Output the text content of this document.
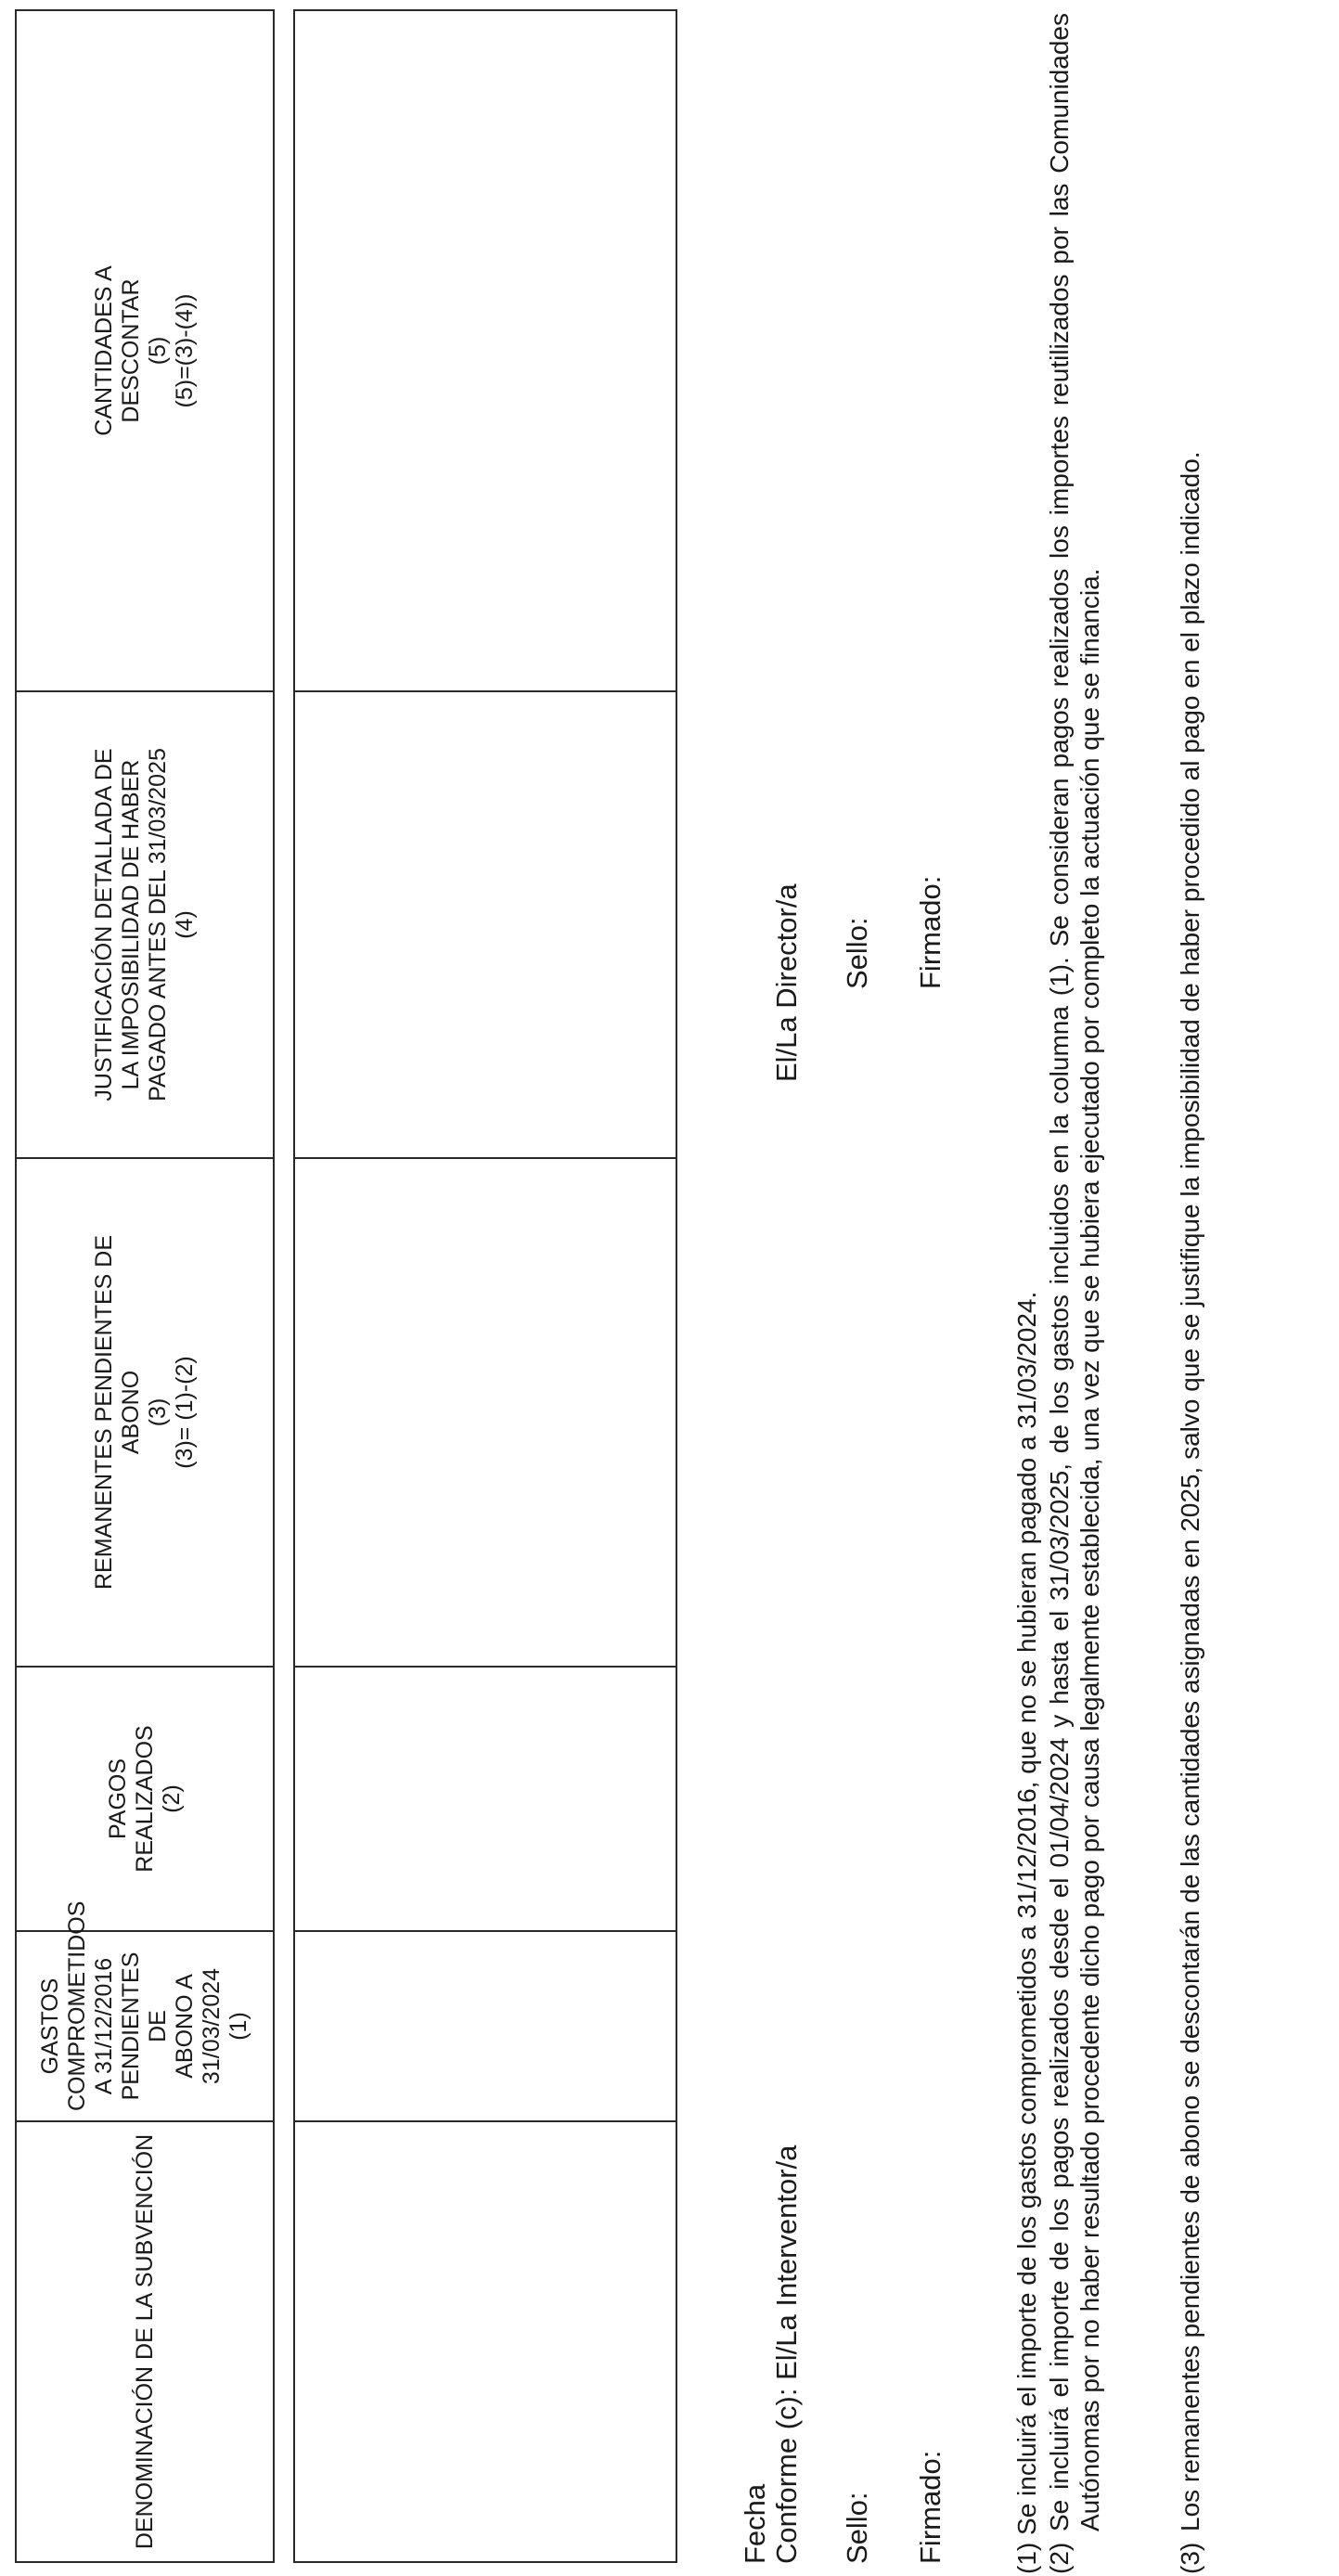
DENOMINACIÓN DE LA SUBVENCIÓN	GASTOS
COMPROMETIDOS
A 31/12/2016
PENDIENTES DE
ABONO A
31/03/2024
(1)	PAGOS
REALIZADOS
(2)	REMANENTES PENDIENTES DE
ABONO
(3)
(3)= (1)-(2)	JUSTIFICACIÓN DETALLADA DE
LA IMPOSIBILIDAD DE HABER
PAGADO ANTES DEL 31/03/2025
(4)	CANTIDADES A
DESCONTAR
(5)
(5)=(3)-(4))

Fecha Conforme (c): El/La Interventor/a Sello: Firmado:
El/La Director/a Sello: Firmado:
(1) Se incluirá el importe de los gastos comprometidos a 31/12/2016, que no se hubieran pagado a 31/03/2024.
(2)
Se incluirá el importe de los pagos realizados desde el 01/04/2024 y hasta el 31/03/2025, de los gastos incluidos en la columna (1). Se consideran pagos realizados los importes reutilizados por las Comunidades Autónomas por no haber resultado procedente dicho pago por causa legalmente establecida, una vez que se hubiera ejecutado por completo la actuación que se financia.
(3)
Los remanentes pendientes de abono se descontarán de las cantidades asignadas en 2025, salvo que se justifique la imposibilidad de haber procedido al pago en el plazo indicado.
